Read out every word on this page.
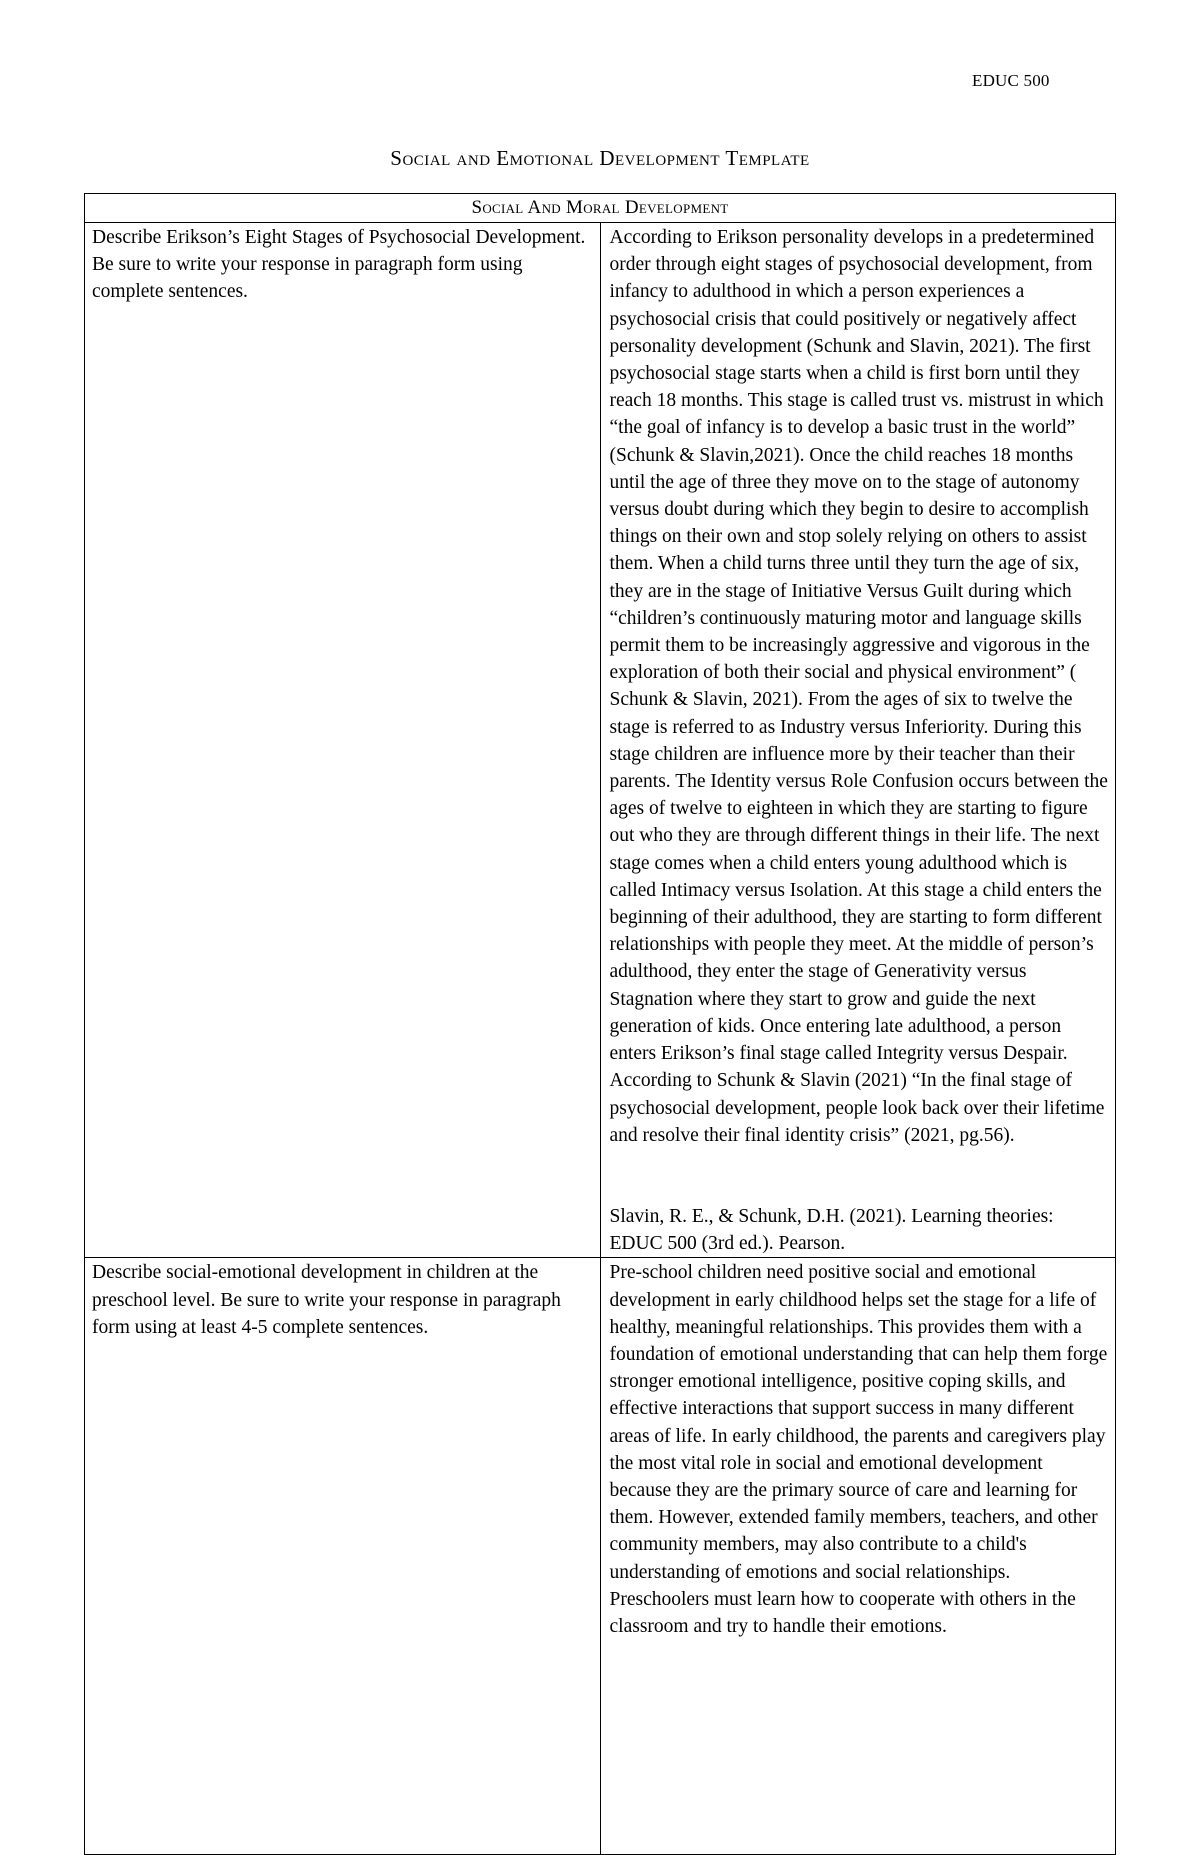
EDUC 500
Social and Emotional Development Template
Social And Moral Development	
Describe Erikson’s Eight Stages of Psychosocial Development. Be sure to write your response in paragraph form using complete sentences.	According to Erikson personality develops in a predetermined order through eight stages of psychosocial development, from infancy to adulthood in which a person experiences a psychosocial crisis that could positively or negatively affect personality development (Schunk and Slavin, 2021). The first psychosocial stage starts when a child is first born until they reach 18 months. This stage is called trust vs. mistrust in which “the goal of infancy is to develop a basic trust in the world” (Schunk & Slavin,2021). Once the child reaches 18 months until the age of three they move on to the stage of autonomy versus doubt during which they begin to desire to accomplish things on their own and stop solely relying on others to assist them. When a child turns three until they turn the age of six, they are in the stage of Initiative Versus Guilt during which “children’s continuously maturing motor and language skills permit them to be increasingly aggressive and vigorous in the exploration of both their social and physical environment” ( Schunk & Slavin, 2021). From the ages of six to twelve the stage is referred to as Industry versus Inferiority. During this stage children are influence more by their teacher than their parents. The Identity versus Role Confusion occurs between the ages of twelve to eighteen in which they are starting to figure out who they are through different things in their life. The next stage comes when a child enters young adulthood which is called Intimacy versus Isolation. At this stage a child enters the beginning of their adulthood, they are starting to form different relationships with people they meet. At the middle of person’s adulthood, they enter the stage of Generativity versus Stagnation where they start to grow and guide the next generation of kids. Once entering late adulthood, a person enters Erikson’s final stage called Integrity versus Despair. According to Schunk & Slavin (2021) “In the final stage of psychosocial development, people look back over their lifetime and resolve their final identity crisis” (2021, pg.56).

Slavin, R. E., & Schunk, D.H. (2021). Learning theories: EDUC 500 (3rd ed.). Pearson.

Describe social-emotional development in children at the preschool level. Be sure to write your response in paragraph form using at least 4-5 complete sentences.	Pre-school children need positive social and emotional development in early childhood helps set the stage for a life of healthy, meaningful relationships. This provides them with a foundation of emotional understanding that can help them forge stronger emotional intelligence, positive coping skills, and effective interactions that support success in many different areas of life. In early childhood, the parents and caregivers play the most vital role in social and emotional development because they are the primary source of care and learning for them. However, extended family members, teachers, and other community members, may also contribute to a child's understanding of emotions and social relationships. Preschoolers must learn how to cooperate with others in the classroom and try to handle their emotions.
